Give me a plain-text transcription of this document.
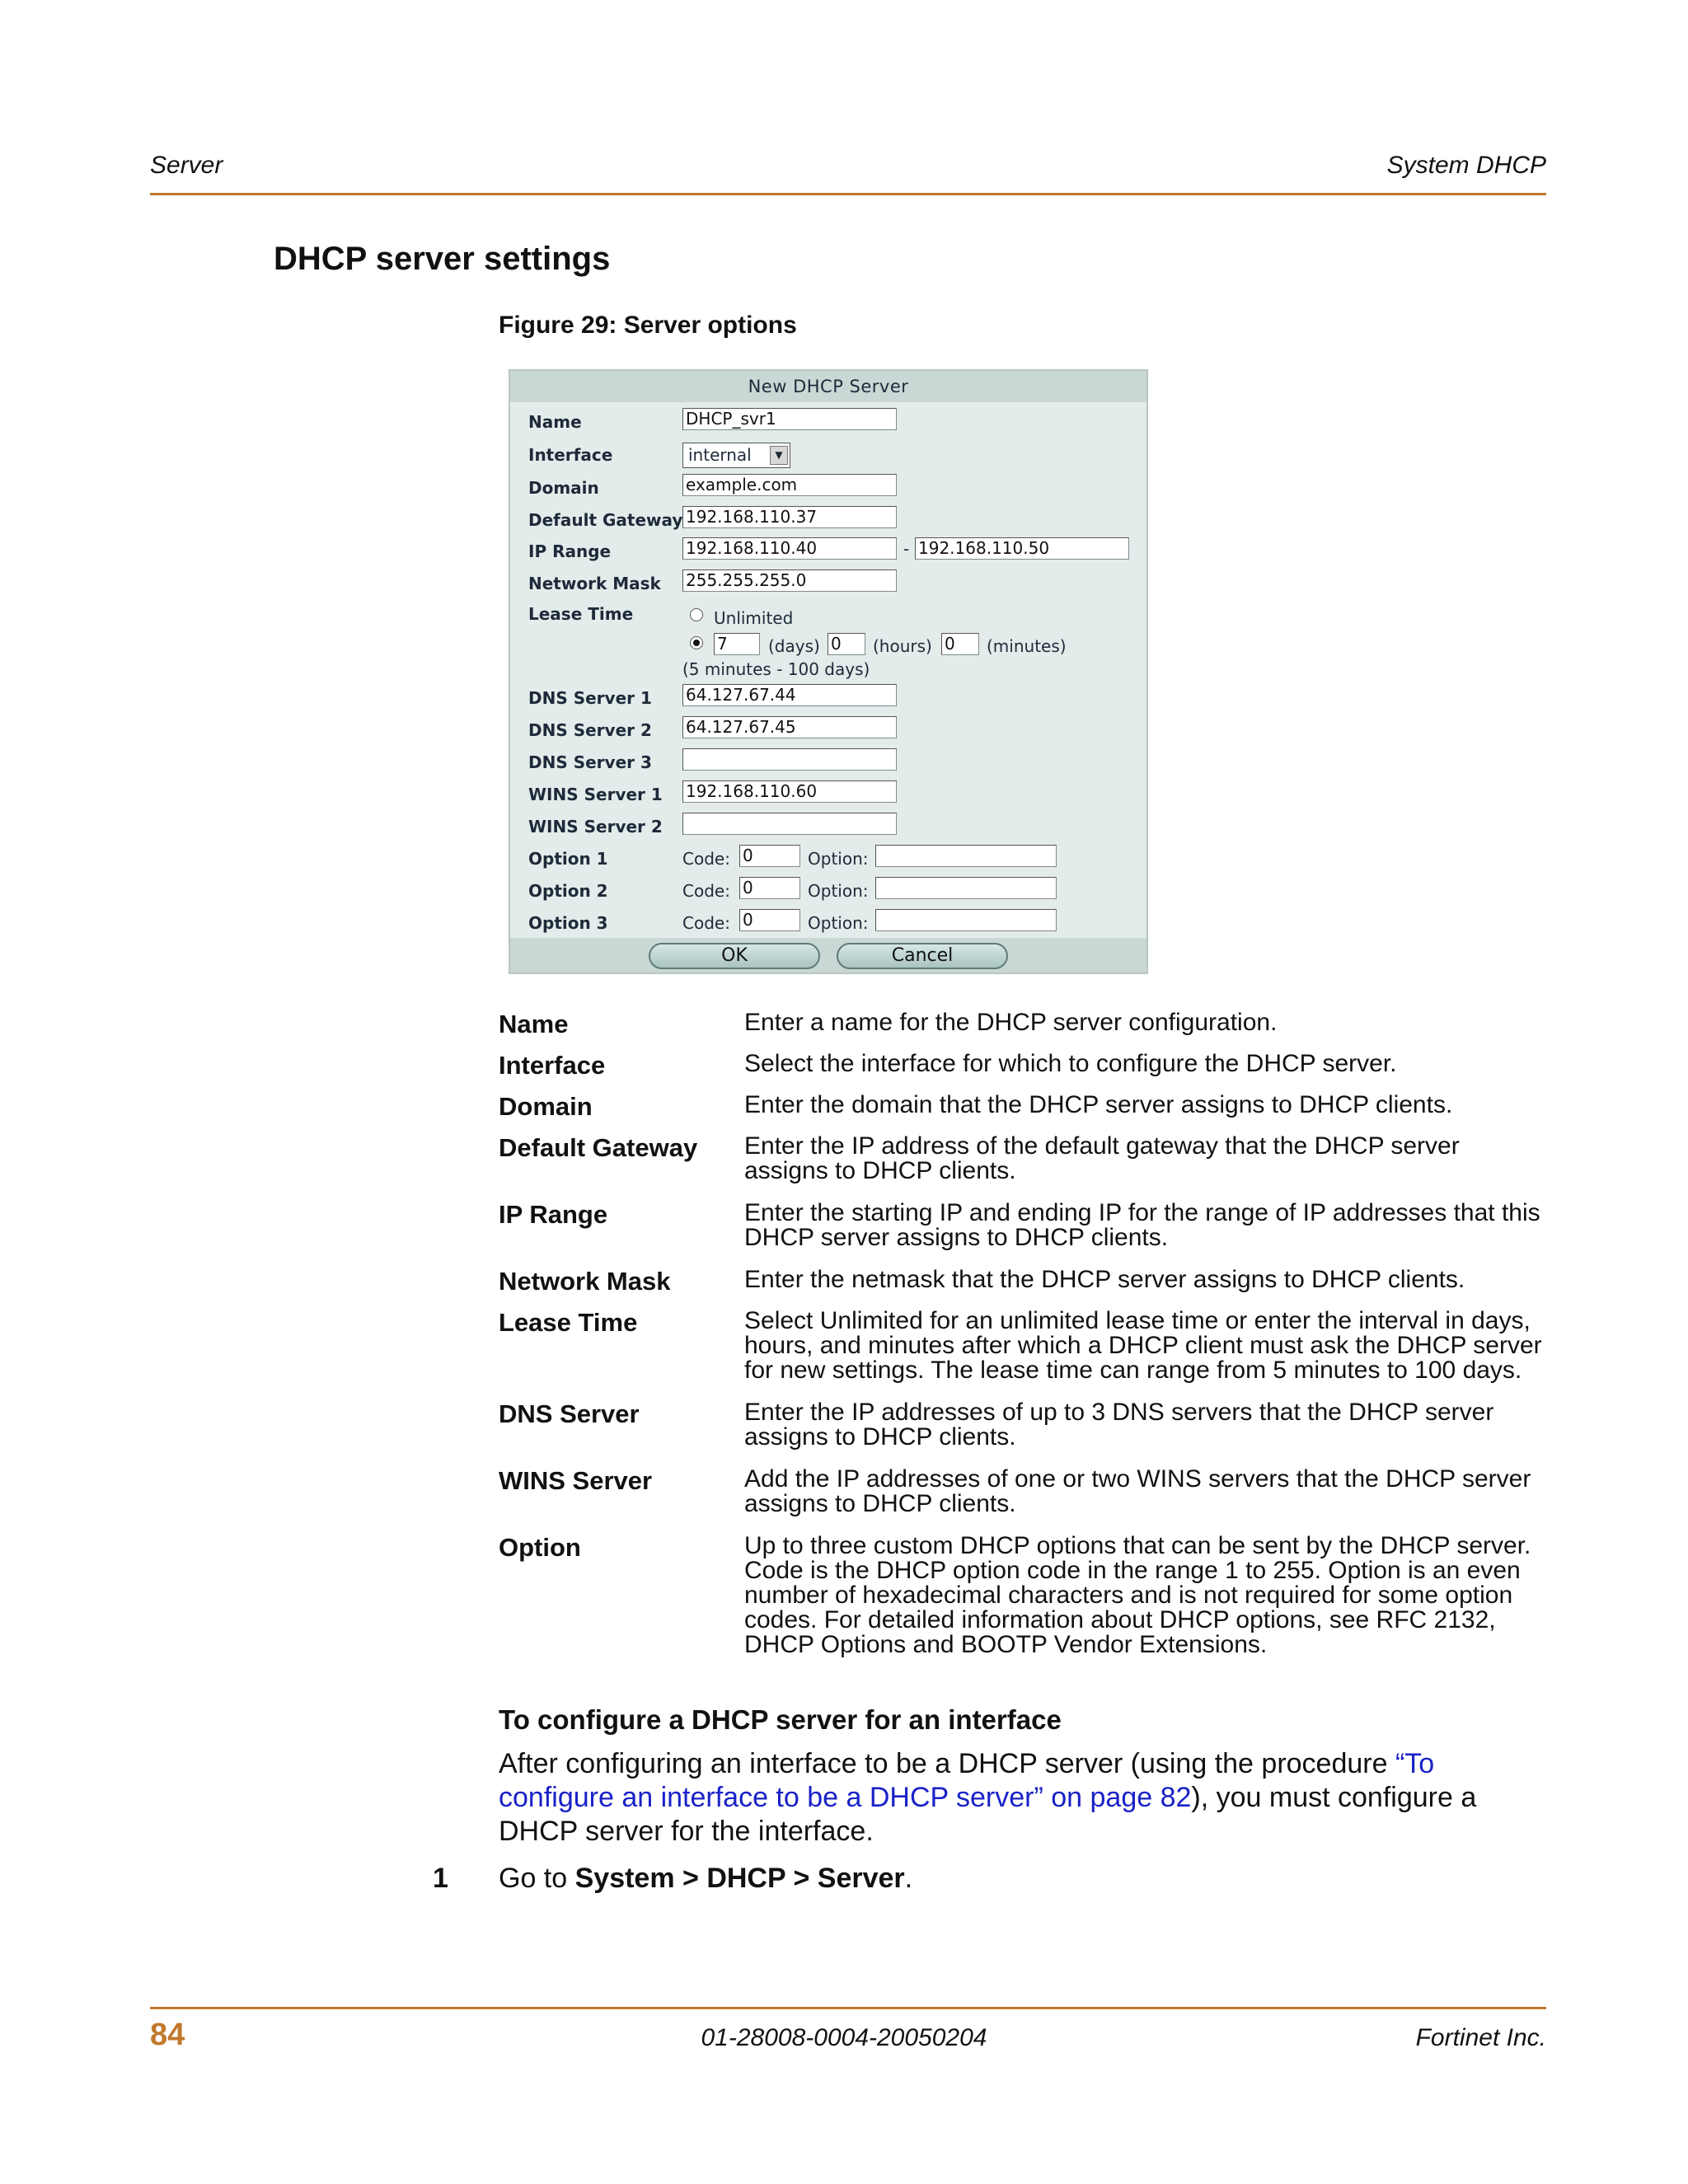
Server	System DHCP
DHCP server settings
Figure 29: Server options
New DHCP Server
Name	DHCP_svr1
Interface	internal	▼
Domain	example.com
Default Gateway 192.168.110.37
IP Range	192.168.110.40	- 192.168.110.50
Network Mask 255.255.255.0
Lease Time	Unlimited
7	(days) 0	(hours) 0	(minutes)
(5 minutes - 100 days)
DNS Server 1 64.127.67.44
DNS Server 2 64.127.67.45
DNS Server 3
WINS Server 1 192.168.110.60
WINS Server 2
Option 1	Code: 0	Option:
Option 2	Code: 0	Option:
Option 3	Code: 0	Option:
OK	Cancel
Name	Enter a name for the DHCP server configuration.
Interface	Select the interface for which to configure the DHCP server.
Domain	Enter the domain that the DHCP server assigns to DHCP clients.
Default Gateway Enter the IP address of the default gateway that the DHCP server assigns to DHCP clients.
IP Range	Enter the starting IP and ending IP for the range of IP addresses that this DHCP server assigns to DHCP clients.
Network Mask	Enter the netmask that the DHCP server assigns to DHCP clients.
Lease Time	Select Unlimited for an unlimited lease time or enter the interval in days, hours, and minutes after which a DHCP client must ask the DHCP server for new settings. The lease time can range from 5 minutes to 100 days.
DNS Server	Enter the IP addresses of up to 3 DNS servers that the DHCP server assigns to DHCP clients.
WINS Server	Add the IP addresses of one or two WINS servers that the DHCP server assigns to DHCP clients.
Option	Up to three custom DHCP options that can be sent by the DHCP server. Code is the DHCP option code in the range 1 to 255. Option is an even number of hexadecimal characters and is not required for some option codes. For detailed information about DHCP options, see RFC 2132, DHCP Options and BOOTP Vendor Extensions.
To configure a DHCP server for an interface
After configuring an interface to be a DHCP server (using the procedure “To configure an interface to be a DHCP server” on page 82), you must configure a DHCP server for the interface.
1 Go to System > DHCP > Server.
84	01-28008-0004-20050204	Fortinet Inc.
